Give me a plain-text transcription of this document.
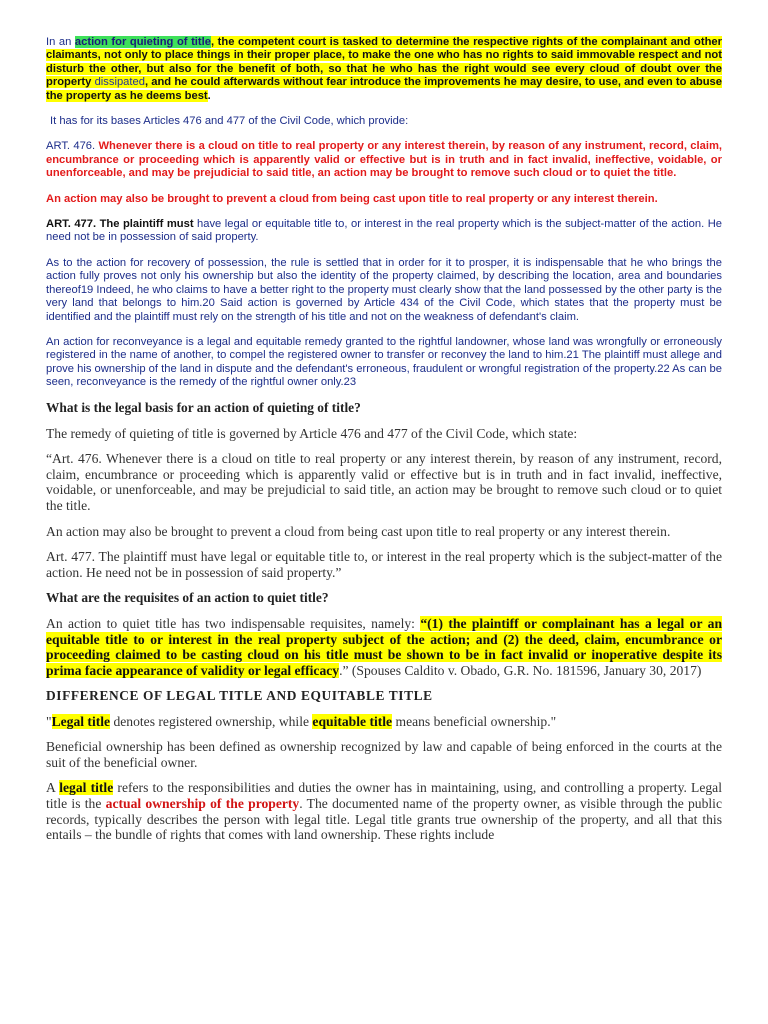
In an action for quieting of title, the competent court is tasked to determine the respective rights of the complainant and other claimants, not only to place things in their proper place, to make the one who has no rights to said immovable respect and not disturb the other, but also for the benefit of both, so that he who has the right would see every cloud of doubt over the property dissipated, and he could afterwards without fear introduce the improvements he may desire, to use, and even to abuse the property as he deems best.

It has for its bases Articles 476 and 477 of the Civil Code, which provide:

ART. 476. Whenever there is a cloud on title to real property or any interest therein, by reason of any instrument, record, claim, encumbrance or proceeding which is apparently valid or effective but is in truth and in fact invalid, ineffective, voidable, or unenforceable, and may be prejudicial to said title, an action may be brought to remove such cloud or to quiet the title.

An action may also be brought to prevent a cloud from being cast upon title to real property or any interest therein.

ART. 477. The plaintiff must have legal or equitable title to, or interest in the real property which is the subject-matter of the action. He need not be in possession of said property.

As to the action for recovery of possession, the rule is settled that in order for it to prosper, it is indispensable that he who brings the action fully proves not only his ownership but also the identity of the property claimed, by describing the location, area and boundaries thereof19 Indeed, he who claims to have a better right to the property must clearly show that the land possessed by the other party is the very land that belongs to him.20 Said action is governed by Article 434 of the Civil Code, which states that the property must be identified and the plaintiff must rely on the strength of his title and not on the weakness of defendant's claim.

An action for reconveyance is a legal and equitable remedy granted to the rightful landowner, whose land was wrongfully or erroneously registered in the name of another, to compel the registered owner to transfer or reconvey the land to him.21 The plaintiff must allege and prove his ownership of the land in dispute and the defendant's erroneous, fraudulent or wrongful registration of the property.22 As can be seen, reconveyance is the remedy of the rightful owner only.23

What is the legal basis for an action of quieting of title?

The remedy of quieting of title is governed by Article 476 and 477 of the Civil Code, which state:

“Art. 476. Whenever there is a cloud on title to real property or any interest therein, by reason of any instrument, record, claim, encumbrance or proceeding which is apparently valid or effective but is in truth and in fact invalid, ineffective, voidable, or unenforceable, and may be prejudicial to said title, an action may be brought to remove such cloud or to quiet the title.

An action may also be brought to prevent a cloud from being cast upon title to real property or any interest therein.

Art. 477. The plaintiff must have legal or equitable title to, or interest in the real property which is the subject-matter of the action. He need not be in possession of said property.”

What are the requisites of an action to quiet title?

An action to quiet title has two indispensable requisites, namely: “(1) the plaintiff or complainant has a legal or an equitable title to or interest in the real property subject of the action; and (2) the deed, claim, encumbrance or proceeding claimed to be casting cloud on his title must be shown to be in fact invalid or inoperative despite its prima facie appearance of validity or legal efficacy.” (Spouses Caldito v. Obado, G.R. No. 181596, January 30, 2017)

DIFFERENCE OF LEGAL TITLE AND EQUITABLE TITLE

"Legal title denotes registered ownership, while equitable title means beneficial ownership."

Beneficial ownership has been defined as ownership recognized by law and capable of being enforced in the courts at the suit of the beneficial owner.

A legal title refers to the responsibilities and duties the owner has in maintaining, using, and controlling a property. Legal title is the actual ownership of the property. The documented name of the property owner, as visible through the public records, typically describes the person with legal title. Legal title grants true ownership of the property, and all that this entails – the bundle of rights that comes with land ownership. These rights include
